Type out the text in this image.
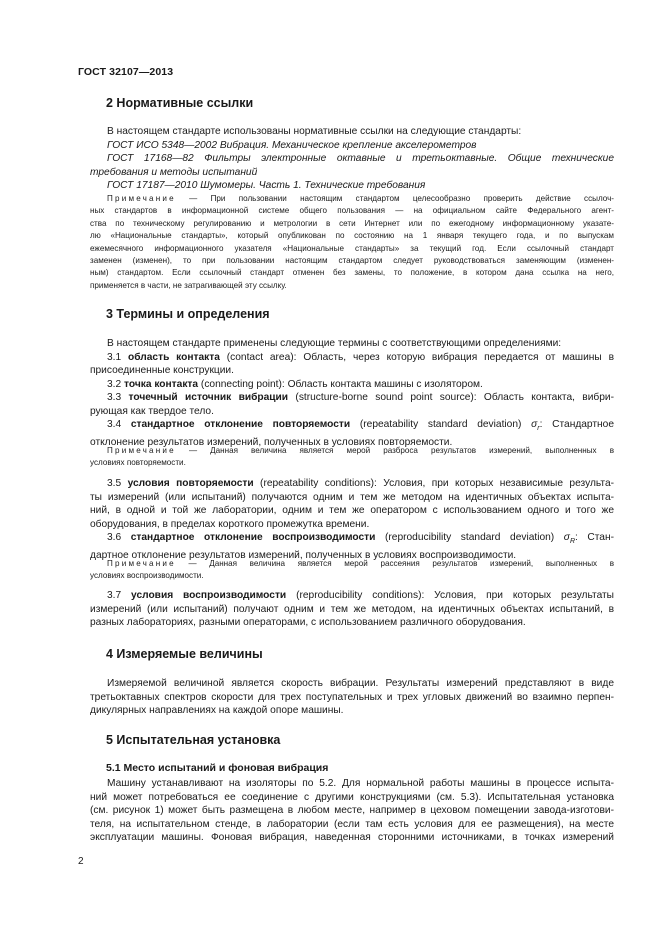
ГОСТ 32107—2013
2 Нормативные ссылки

В настоящем стандарте использованы нормативные ссылки на следующие стандарты:

ГОСТ ИСО 5348—2002 Вибрация. Механическое крепление акселерометров

ГОСТ 17168—82 Фильтры электронные октавные и третьоктавные. Общие технические

требования и методы испытаний

ГОСТ 17187—2010 Шумомеры. Часть 1. Технические требования

Примечание — При пользовании настоящим стандартом целесообразно проверить действие ссылоч-

ных стандартов в информационной системе общего пользования — на официальном сайте Федерального агент-

ства по техническому регулированию и метрологии в сети Интернет или по ежегодному информационному указате-

лю «Национальные стандарты», который опубликован по состоянию на 1 января текущего года, и по выпускам

ежемесячного информационного указателя «Национальные стандарты» за текущий год. Если ссылочный стандарт

заменен (изменен), то при пользовании настоящим стандартом следует руководствоваться заменяющим (изменен-

ным) стандартом. Если ссылочный стандарт отменен без замены, то положение, в котором дана ссылка на него,

применяется в части, не затрагивающей эту ссылку.

3 Термины и определения

В настоящем стандарте применены следующие термины с соответствующими определениями:

3.1 область контакта (contact area): Область, через которую вибрация передается от машины в

присоединенные конструкции.

3.2 точка контакта (connecting point): Область контакта машины с изолятором.

3.3 точечный источник вибрации (structure-borne sound point source): Область контакта, вибри-

рующая как твердое тело.

3.4 стандартное отклонение повторяемости (repeatability standard deviation) $\sigma_r$: Стандартное

отклонение результатов измерений, полученных в условиях повторяемости.

Примечание — Данная величина является мерой разброса результатов измерений, выполненных в

условиях повторяемости.

3.5 условия повторяемости (repeatability conditions): Условия, при которых независимые результа-

ты измерений (или испытаний) получаются одним и тем же методом на идентичных объектах испыта-

ний, в одной и той же лаборатории, одним и тем же оператором с использованием одного и того же

оборудования, в пределах короткого промежутка времени.

3.6 стандартное отклонение воспроизводимости (reproducibility standard deviation) $\sigma_R$: Стан-

дартное отклонение результатов измерений, полученных в условиях воспроизводимости.

Примечание — Данная величина является мерой рассеяния результатов измерений, выполненных в

условиях воспроизводимости.

3.7 условия воспроизводимости (reproducibility conditions): Условия, при которых результаты

измерений (или испытаний) получают одним и тем же методом, на идентичных объектах испытаний, в

разных лабораториях, разными операторами, с использованием различного оборудования.

4 Измеряемые величины

Измеряемой величиной является скорость вибрации. Результаты измерений представляют в виде

третьоктавных спектров скорости для трех поступательных и трех угловых движений во взаимно перпен-

дикулярных направлениях на каждой опоре машины.

5 Испытательная установка
5.1 Место испытаний и фоновая вибрация

Машину устанавливают на изоляторы по 5.2. Для нормальной работы машины в процессе испыта-

ний может потребоваться ее соединение с другими конструкциями (см. 5.3). Испытательная установка

(см. рисунок 1) может быть размещена в любом месте, например в цеховом помещении завода-изготови-

теля, на испытательном стенде, в лаборатории (если там есть условия для ее размещения), на месте

эксплуатации машины. Фоновая вибрация, наведенная сторонними источниками, в точках измерений

2
